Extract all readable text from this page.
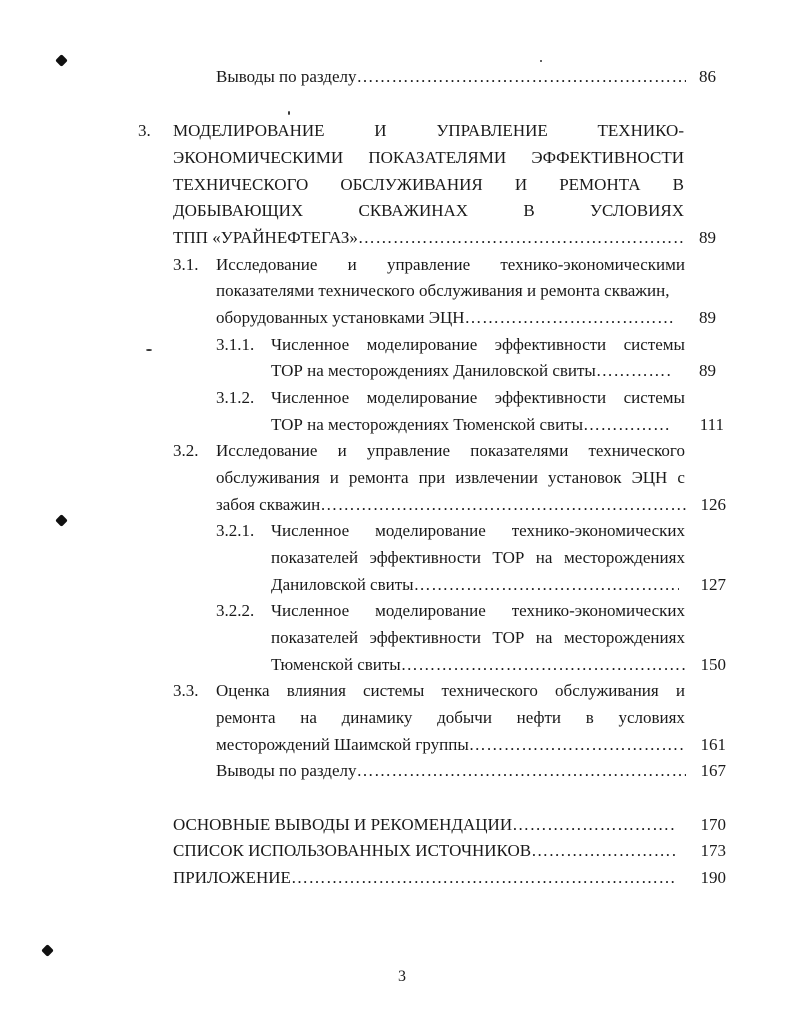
Выводы по разделу …………………………………………………………………………………………………………………………………………………………………………	86
3. МОДЕЛИРОВАНИЕ	И	УПРАВЛЕНИЕ	ТЕХНИКО-
ЭКОНОМИЧЕСКИМИ ПОКАЗАТЕЛЯМИ ЭФФЕКТИВНОСТИ
ТЕХНИЧЕСКОГО ОБСЛУЖИВАНИЯ И РЕМОНТА В
ДОБЫВАЮЩИХ	СКВАЖИНАХ	В	УСЛОВИЯХ
ТПП «УРАЙНЕФТЕГАЗ» …………………………………………………………………………………………………………………………………………………………………………	89
3.1. Исследование и управление технико-экономическими
показателями технического обслуживания и ремонта скважин,
оборудованных установками ЭЦН …………………………………………………………………………………………………………………………………………………………………………	89
3.1.1. Численное моделирование эффективности системы
ТОР на месторождениях Даниловской свиты …………………………………………………………………………………………………………………………………………………………………………	89
3.1.2. Численное моделирование эффективности системы
ТОР на месторождениях Тюменской свиты …………………………………………………………………………………………………………………………………………………………………………	111
3.2. Исследование и управление показателями технического
обслуживания и ремонта при извлечении установок ЭЦН с
забоя скважин …………………………………………………………………………………………………………………………………………………………………………	126
3.2.1. Численное моделирование технико-экономических
показателей эффективности ТОР на месторождениях
Даниловской свиты …………………………………………………………………………………………………………………………………………………………………………	127
3.2.2. Численное моделирование технико-экономических
показателей эффективности ТОР на месторождениях
Тюменской свиты …………………………………………………………………………………………………………………………………………………………………………	150
3.3. Оценка влияния системы технического обслуживания и
ремонта на динамику добычи нефти в условиях
месторождений Шаимской группы …………………………………………………………………………………………………………………………………………………………………………	161
Выводы по разделу …………………………………………………………………………………………………………………………………………………………………………	167
ОСНОВНЫЕ ВЫВОДЫ И РЕКОМЕНДАЦИИ …………………………………………………………………………………………………………………………………………………………………………	170
СПИСОК ИСПОЛЬЗОВАННЫХ ИСТОЧНИКОВ …………………………………………………………………………………………………………………………………………………………………………	173
ПРИЛОЖЕНИЕ …………………………………………………………………………………………………………………………………………………………………………	190
3
